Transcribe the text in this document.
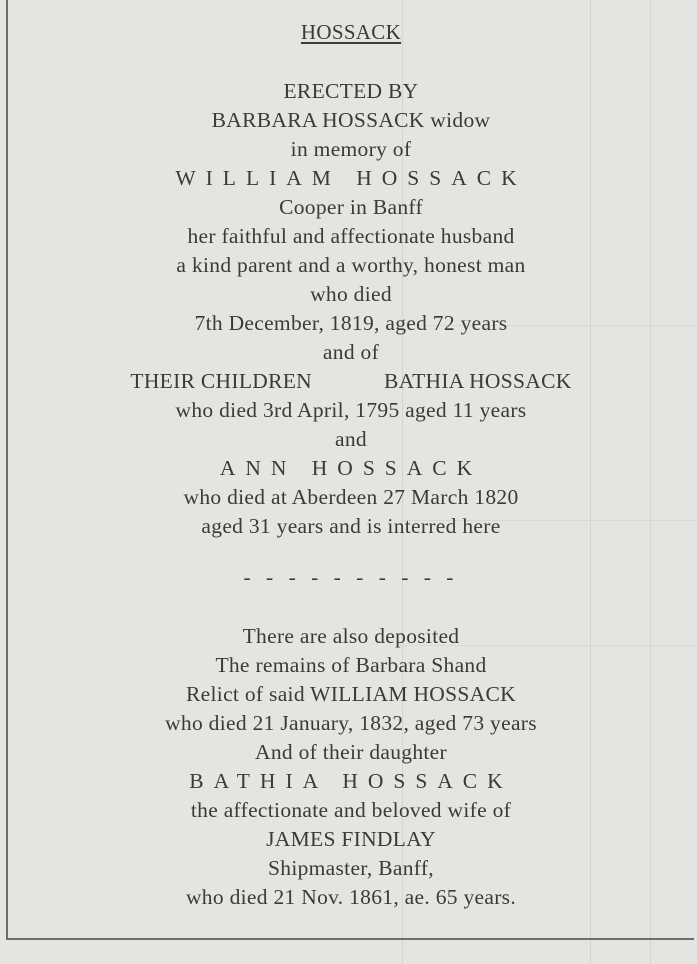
HOSSACK
ERECTED BY
BARBARA HOSSACK widow
in memory of
WILLIAM HOSSACK
Cooper in Banff
her faithful and affectionate husband
a kind parent and a worthy, honest man
who died
7th December, 1819, aged 72 years
and of
THEIR CHILDREN	BATHIA HOSSACK
who died 3rd April, 1795 aged 11 years
and
ANN HOSSACK
who died at Aberdeen 27 March 1820
aged 31 years and is interred here
- - - - - - - - - -
There are also deposited
The remains of Barbara Shand
Relict of said WILLIAM HOSSACK
who died 21 January, 1832, aged 73 years
And of their daughter
BATHIA HOSSACK
the affectionate and beloved wife of
JAMES FINDLAY
Shipmaster, Banff,
who died 21 Nov. 1861, ae. 65 years.
